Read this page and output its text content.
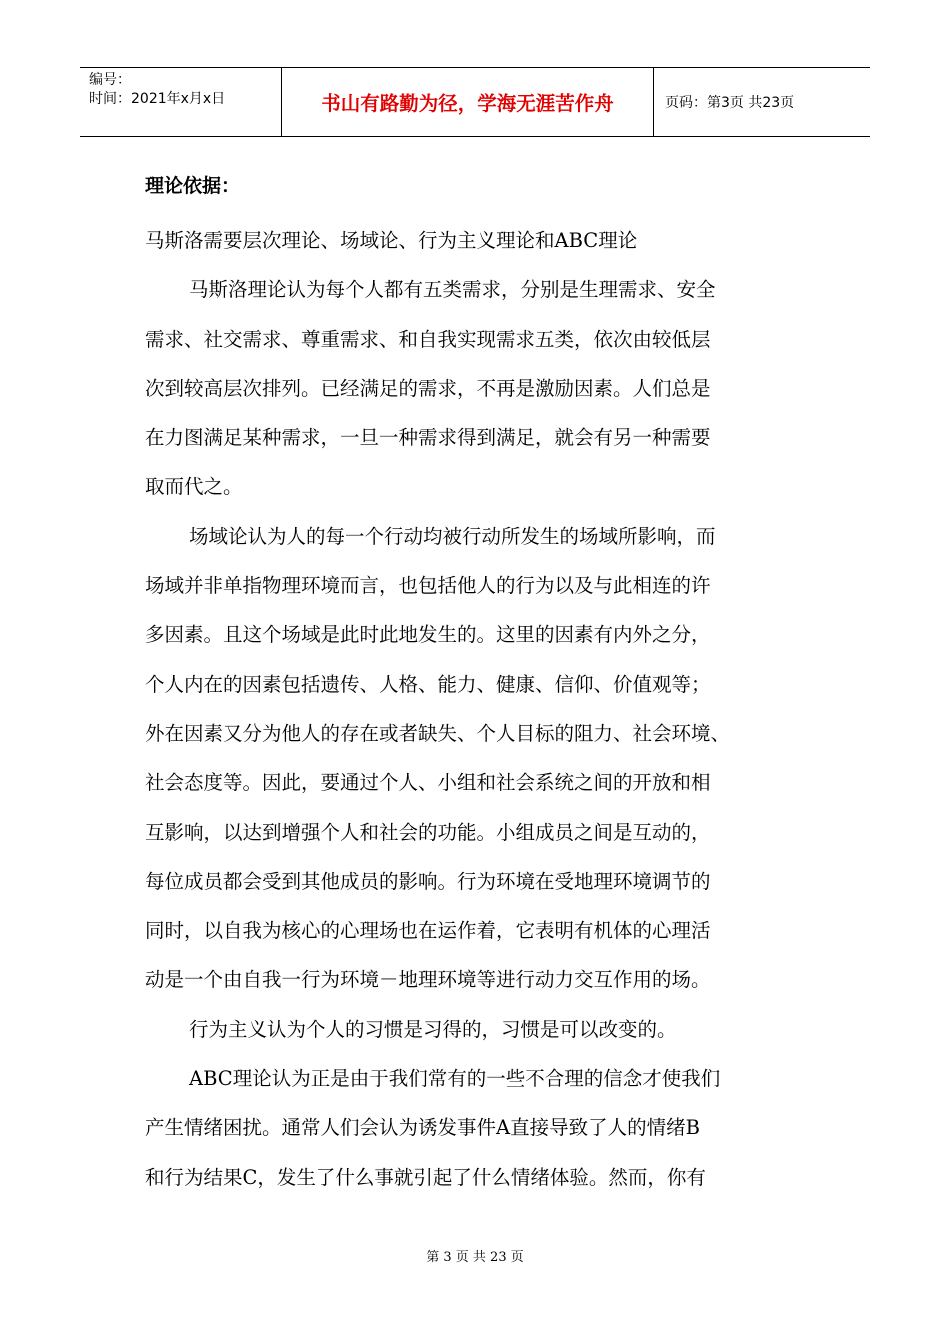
编号：
时间：2021年x月x日	书山有路勤为径，学海无涯苦作舟	页码：第3页 共23页
理论依据：
马斯洛需要层次理论、场域论、行为主义理论和ABC理论
马斯洛理论认为每个人都有五类需求，分别是生理需求、安全
需求、社交需求、尊重需求、和自我实现需求五类，依次由较低层
次到较高层次排列。已经满足的需求，不再是激励因素。人们总是
在力图满足某种需求，一旦一种需求得到满足，就会有另一种需要
取而代之。
场域论认为人的每一个行动均被行动所发生的场域所影响，而
场域并非单指物理环境而言，也包括他人的行为以及与此相连的许
多因素。且这个场域是此时此地发生的。这里的因素有内外之分，
个人内在的因素包括遗传、人格、能力、健康、信仰、价值观等；
外在因素又分为他人的存在或者缺失、个人目标的阻力、社会环境、
社会态度等。因此，要通过个人、小组和社会系统之间的开放和相
互影响，以达到增强个人和社会的功能。小组成员之间是互动的，
每位成员都会受到其他成员的影响。行为环境在受地理环境调节的
同时，以自我为核心的心理场也在运作着，它表明有机体的心理活
动是一个由自我一行为环境－地理环境等进行动力交互作用的场。
行为主义认为个人的习惯是习得的，习惯是可以改变的。
ABC理论认为正是由于我们常有的一些不合理的信念才使我们
产生情绪困扰。通常人们会认为诱发事件A直接导致了人的情绪B
和行为结果C，发生了什么事就引起了什么情绪体验。然而，你有
第 3 页 共 23 页
